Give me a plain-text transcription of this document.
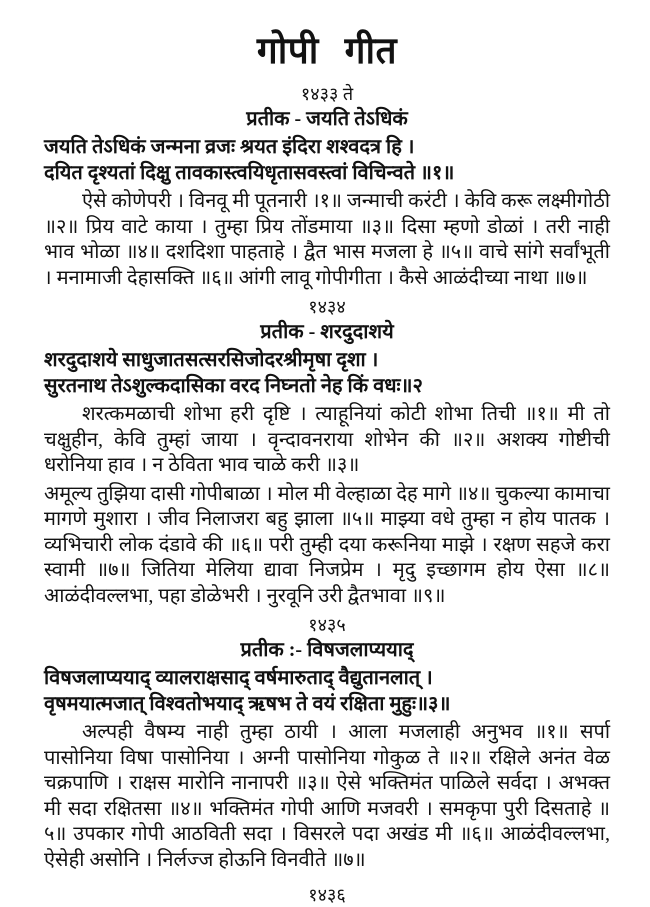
गोपी गीत
१४३३ ते
प्रतीक - जयति तेऽधिकं
जयति तेऽधिकं जन्मना व्रजः श्रयत इंदिरा शश्वदत्र हि ।
दयित दृश्यतां दिक्षु तावकास्त्वयिधृतासवस्त्वां विचिन्वते ॥१॥

ऐसे कोणेपरी । विनवू मी पूतनारी ।१॥ जन्माची करंटी । केवि करू लक्ष्मीगोठी ॥२॥ प्रिय वाटे काया । तुम्हा प्रिय तोंडमाया ॥३॥ दिसा म्हणो डोळां । तरी नाही भाव भोळा ॥४॥ दशदिशा पाहताहे । द्वैत भास मजला हे ॥५॥ वाचे सांगे सर्वांभूती । मनामाजी देहासक्ति ॥६॥ आंगी लावू गोपीगीता । कैसे आळंदीच्या नाथा ॥७॥

१४३४
प्रतीक - शरदुदाशये
शरदुदाशये साधुजातसत्सरसिजोदरश्रीमृषा दृशा ।
सुरतनाथ तेऽशुल्कदासिका वरद निघ्नतो नेह किं वधः॥२

शरत्कमळाची शोभा हरी दृष्टि । त्याहूनियां कोटी शोभा तिची ॥१॥ मी तो चक्षुहीन, केवि तुम्हां जाया । वृन्दावनराया शोभेन की ॥२॥ अशक्य गोष्टीची धरोनिया हाव । न ठेविता भाव चाळे करी ॥३॥

अमूल्य तुझिया दासी गोपीबाळा । मोल मी वेल्हाळा देह मागे ॥४॥ चुकल्या कामाचा मागणे मुशारा । जीव निलाजरा बहु झाला ॥५॥ माझ्या वधे तुम्हा न होय पातक । व्यभिचारी लोक दंडावे की ॥६॥ परी तुम्ही दया करूनिया माझे । रक्षण सहजे करा स्वामी ॥७॥ जितिया मेलिया द्यावा निजप्रेम । मृदु इच्छागम होय ऐसा ॥८॥ आळंदीवल्लभा, पहा डोळेभरी । नुरवूनि उरी द्वैतभावा ॥९॥

१४३५
प्रतीक :- विषजलाप्ययाद्
विषजलाप्ययाद् व्यालराक्षसाद् वर्षमारुताद् वैद्युतानलात् ।
वृषमयात्मजात् विश्वतोभयाद् ऋषभ ते वयं रक्षिता मुहुः॥३॥

अल्पही वैषम्य नाही तुम्हा ठायी । आला मजलाही अनुभव ॥१॥ सर्पा पासोनिया विषा पासोनिया । अग्नी पासोनिया गोकुळ ते ॥२॥ रक्षिले अनंत वेळ चक्रपाणि । राक्षस मारोनि नानापरी ॥३॥ ऐसे भक्तिमंत पाळिले सर्वदा । अभक्त मी सदा रक्षितसा ॥४॥ भक्तिमंत गोपी आणि मजवरी । समकृपा पुरी दिसताहे ॥५॥ उपकार गोपी आठविती सदा । विसरले पदा अखंड मी ॥६॥ आळंदीवल्लभा, ऐसेही असोनि । निर्लज्ज होऊनि विनवीते ॥७॥

१४३६
